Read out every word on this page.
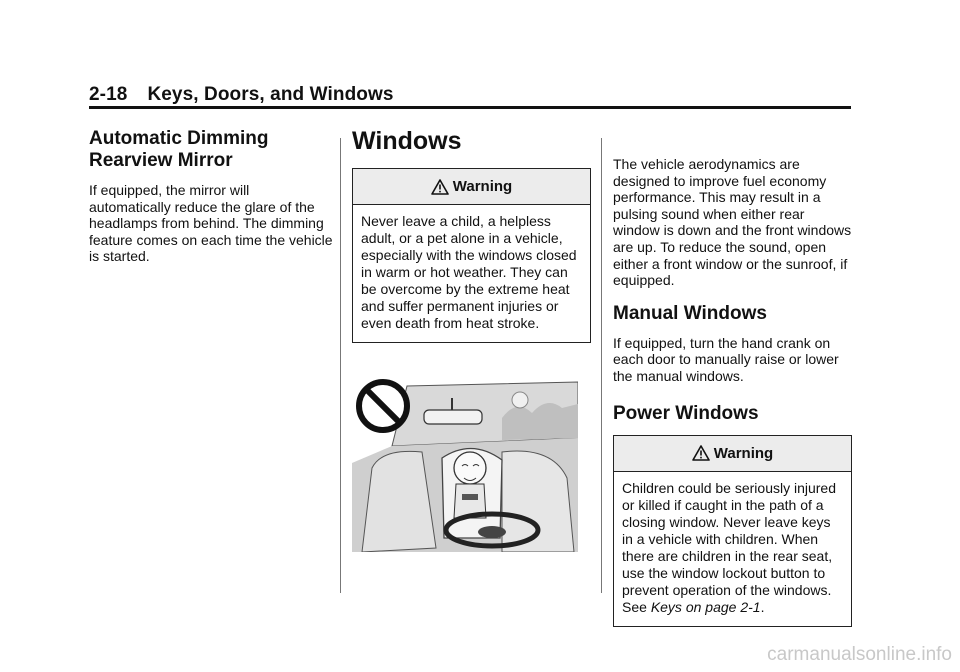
2-18 Keys, Doors, and Windows
Automatic Dimming Rearview Mirror

If equipped, the mirror will automatically reduce the glare of the headlamps from behind. The dimming feature comes on each time the vehicle is started.

Windows
Warning
Never leave a child, a helpless adult, or a pet alone in a vehicle, especially with the windows closed in warm or hot weather. They can be overcome by the extreme heat and suffer permanent injuries or even death from heat stroke.

The vehicle aerodynamics are designed to improve fuel economy performance. This may result in a pulsing sound when either rear window is down and the front windows are up. To reduce the sound, open either a front window or the sunroof, if equipped.

Manual Windows

If equipped, turn the hand crank on each door to manually raise or lower the manual windows.

Power Windows
Warning
Children could be seriously injured or killed if caught in the path of a closing window. Never leave keys in a vehicle with children. When there are children in the rear seat, use the window lockout button to prevent operation of the windows. See Keys on page 2-1.
carmanualsonline.info
